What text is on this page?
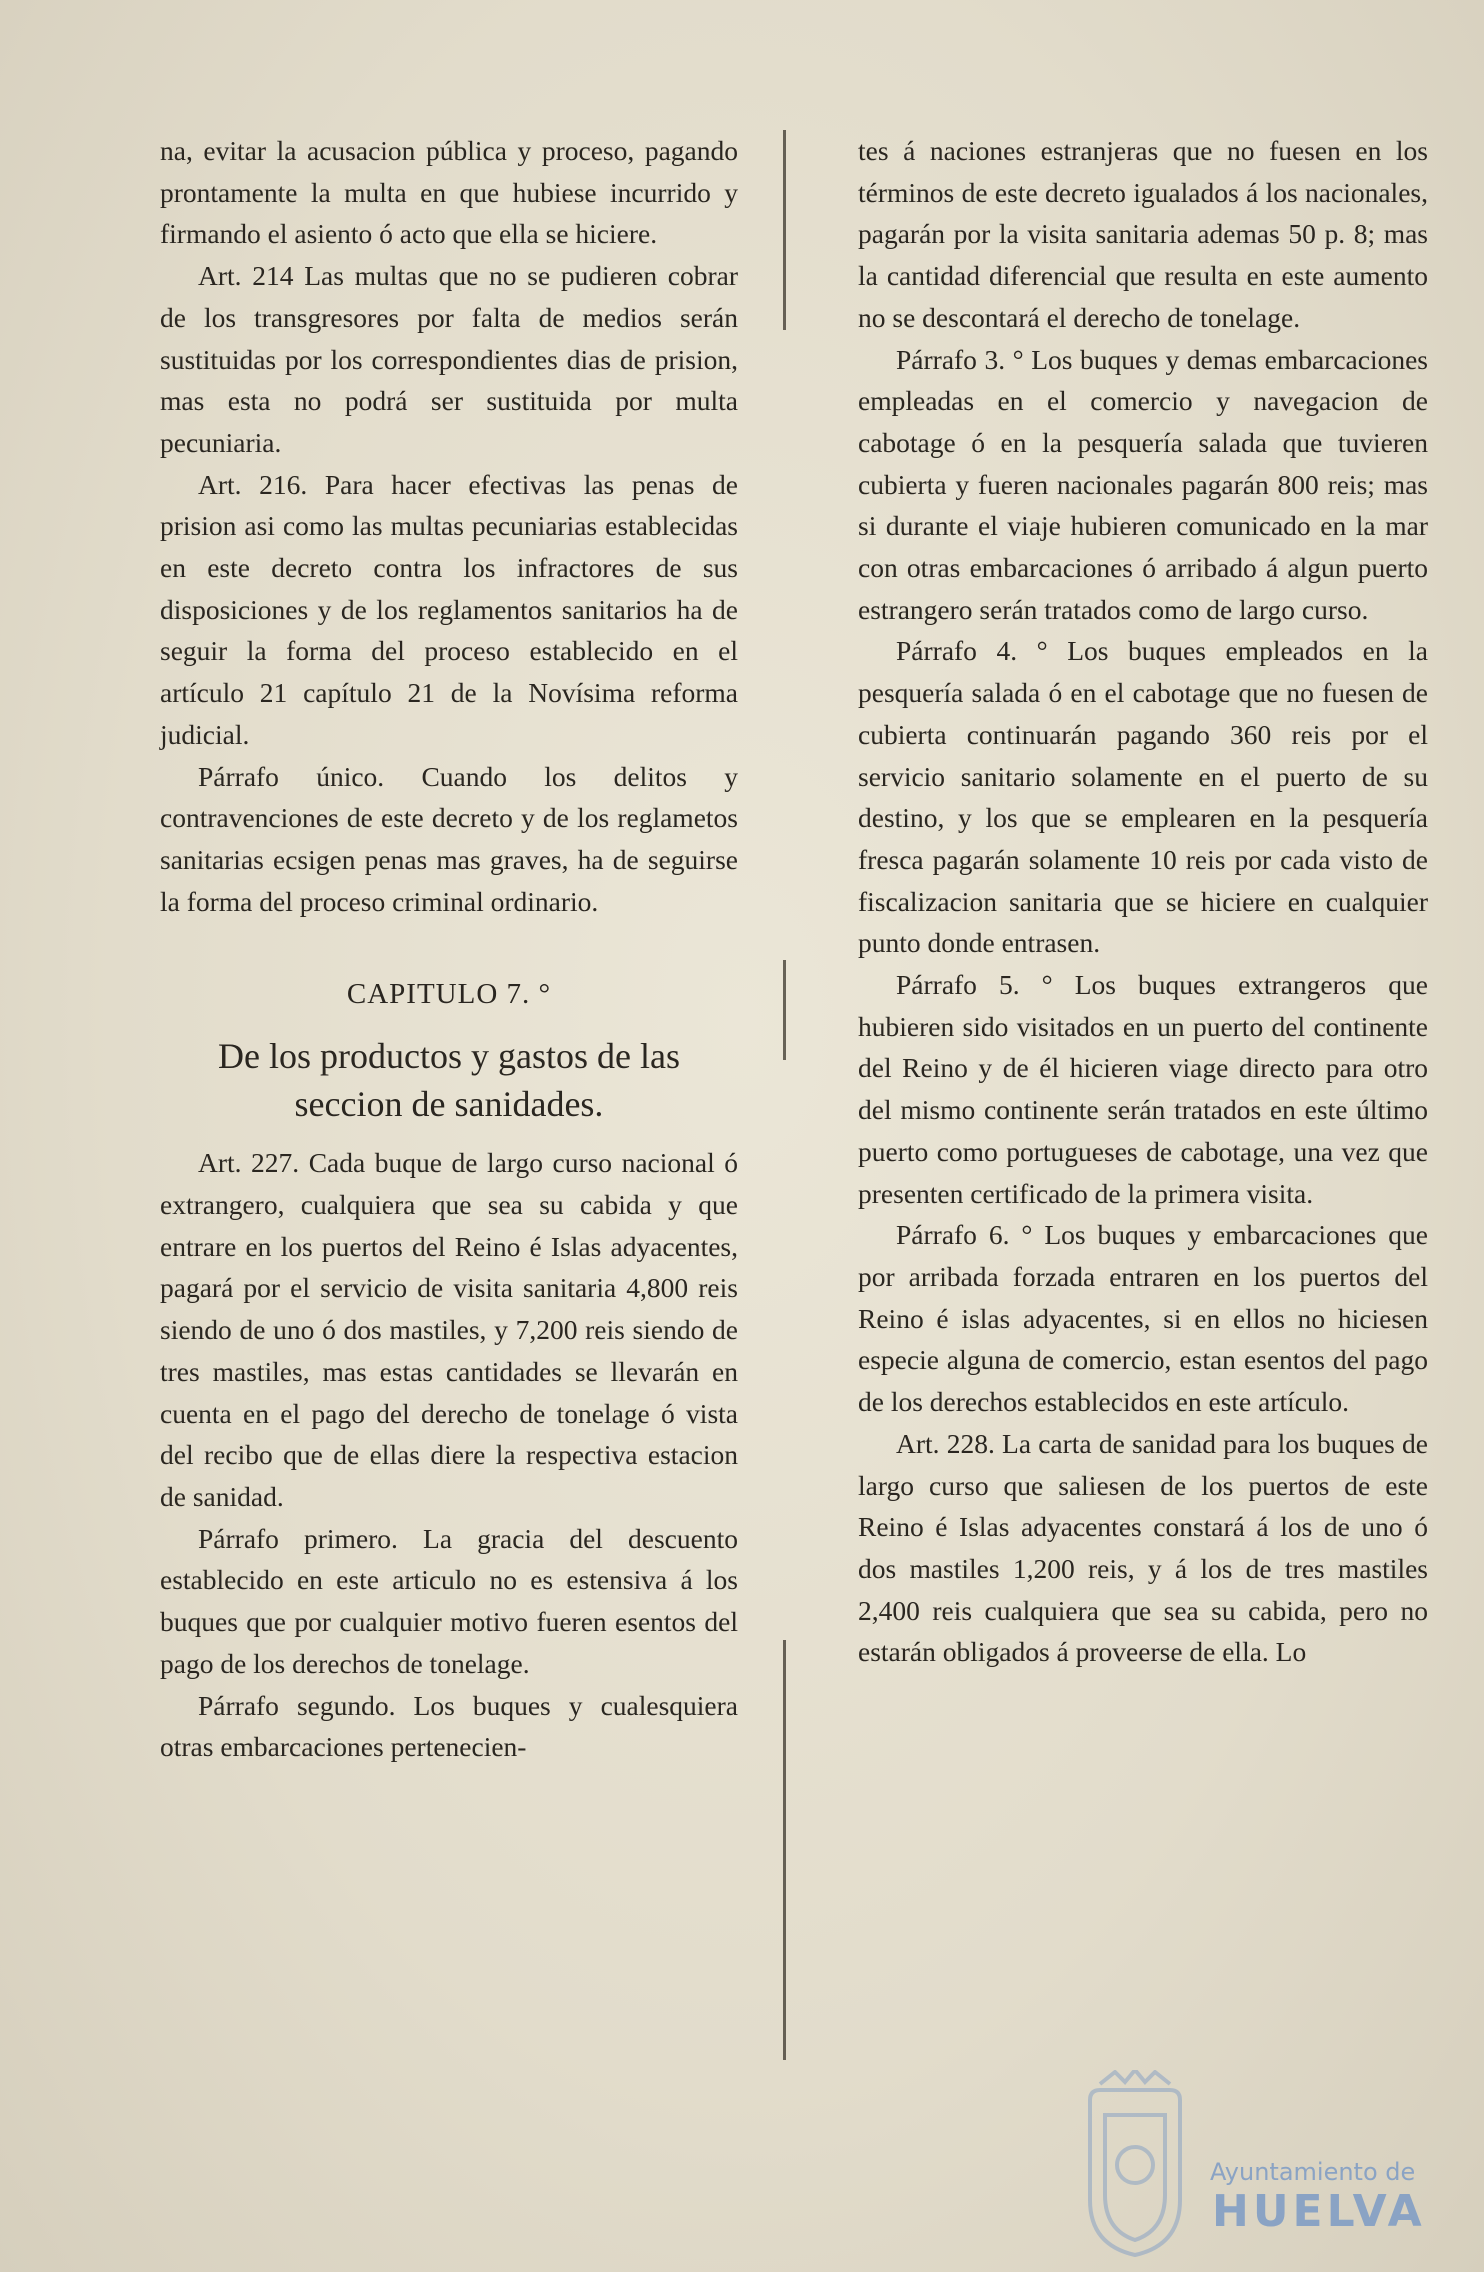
na, evitar la acusacion pública y proceso, pagando prontamente la multa en que hubiese incurrido y firmando el asiento ó acto que ella se hiciere.

Art. 214 Las multas que no se pudieren cobrar de los transgresores por falta de medios serán sustituidas por los correspondientes dias de prision, mas esta no podrá ser sustituida por multa pecuniaria.

Art. 216. Para hacer efectivas las penas de prision asi como las multas pecuniarias establecidas en este decreto contra los infractores de sus disposiciones y de los reglamentos sanitarios ha de seguir la forma del proceso establecido en el artículo 21 capítulo 21 de la Novísima reforma judicial.

Párrafo único. Cuando los delitos y contravenciones de este decreto y de los reglametos sanitarias ecsigen penas mas graves, ha de seguirse la forma del proceso criminal ordinario.

CAPITULO 7. °
De los productos y gastos de las seccion de sanidades.

Art. 227. Cada buque de largo curso nacional ó extrangero, cualquiera que sea su cabida y que entrare en los puertos del Reino é Islas adyacentes, pagará por el servicio de visita sanitaria 4,800 reis siendo de uno ó dos mastiles, y 7,200 reis siendo de tres mastiles, mas estas cantidades se llevarán en cuenta en el pago del derecho de tonelage ó vista del recibo que de ellas diere la respectiva estacion de sanidad.

Párrafo primero. La gracia del descuento establecido en este articulo no es estensiva á los buques que por cualquier motivo fueren esentos del pago de los derechos de tonelage.

Párrafo segundo. Los buques y cualesquiera otras embarcaciones pertenecien-

tes á naciones estranjeras que no fuesen en los términos de este decreto igualados á los nacionales, pagarán por la visita sanitaria ademas 50 p. 8; mas la cantidad diferencial que resulta en este aumento no se descontará el derecho de tonelage.

Párrafo 3. ° Los buques y demas embarcaciones empleadas en el comercio y navegacion de cabotage ó en la pesquería salada que tuvieren cubierta y fueren nacionales pagarán 800 reis; mas si durante el viaje hubieren comunicado en la mar con otras embarcaciones ó arribado á algun puerto estrangero serán tratados como de largo curso.

Párrafo 4. ° Los buques empleados en la pesquería salada ó en el cabotage que no fuesen de cubierta continuarán pagando 360 reis por el servicio sanitario solamente en el puerto de su destino, y los que se emplearen en la pesquería fresca pagarán solamente 10 reis por cada visto de fiscalizacion sanitaria que se hiciere en cualquier punto donde entrasen.

Párrafo 5. ° Los buques extrangeros que hubieren sido visitados en un puerto del continente del Reino y de él hicieren viage directo para otro del mismo continente serán tratados en este último puerto como portugueses de cabotage, una vez que presenten certificado de la primera visita.

Párrafo 6. ° Los buques y embarcaciones que por arribada forzada entraren en los puertos del Reino é islas adyacentes, si en ellos no hiciesen especie alguna de comercio, estan esentos del pago de los derechos establecidos en este artículo.

Art. 228. La carta de sanidad para los buques de largo curso que saliesen de los puertos de este Reino é Islas adyacentes constará á los de uno ó dos mastiles 1,200 reis, y á los de tres mastiles 2,400 reis cualquiera que sea su cabida, pero no estarán obligados á proveerse de ella. Lo

Ayuntamiento de
HUELVA
